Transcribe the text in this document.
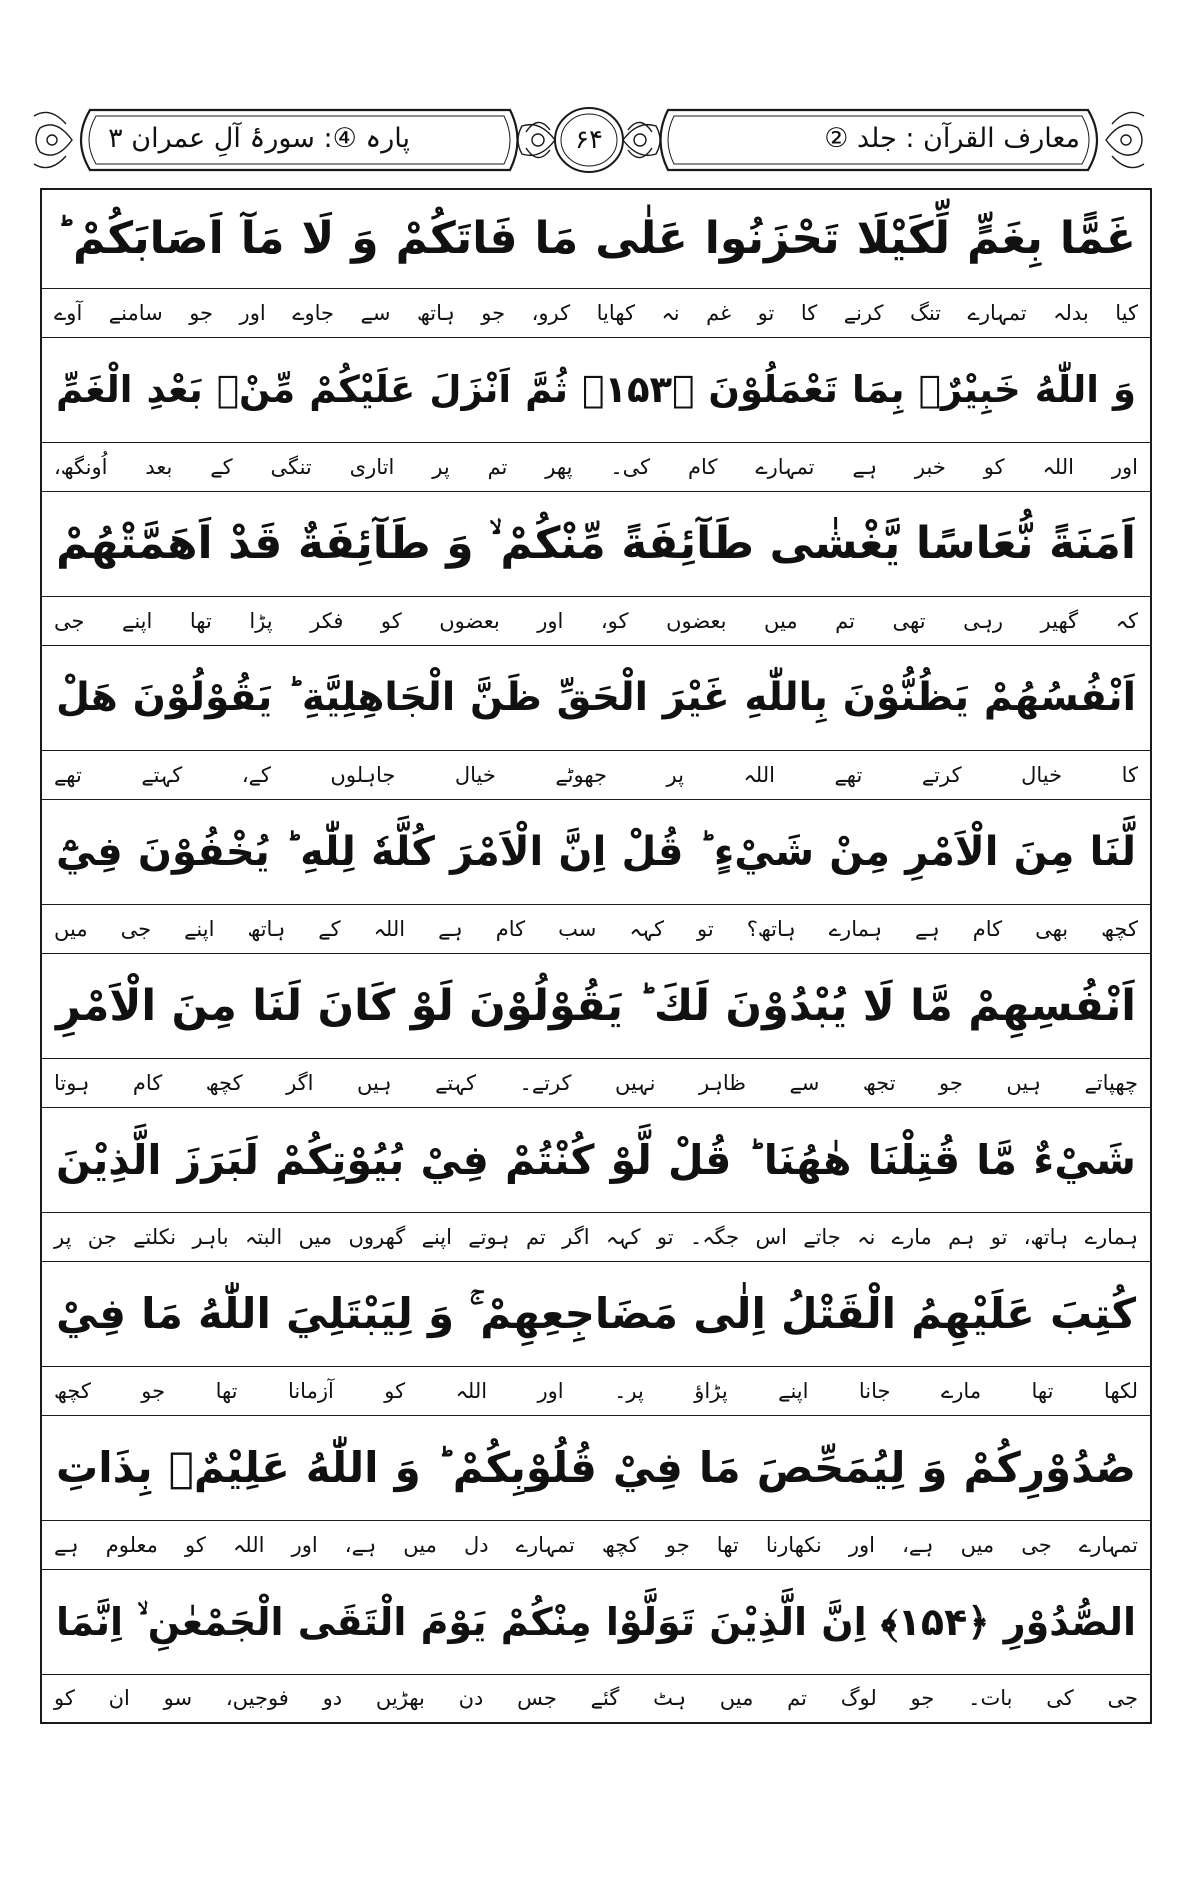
معارف القرآن : جلد ②
۶۴
پارہ ④: سورۂ آلِ عمران ۳
غَمًّا بِغَمٍّ لِّكَيْلَا تَحْزَنُوا عَلٰى مَا فَاتَكُمْ وَ لَا مَآ اَصَابَكُمْ ؕ
کیا بدلہ تمہارے تنگ کرنے کا تو غم نہ کھایا کرو، جو ہاتھ سے جاوے اور جو سامنے آوے
وَ اللّٰهُ خَبِيْرٌۢ بِمَا تَعْمَلُوْنَ ﴿۱۵۳﴾ ثُمَّ اَنْزَلَ عَلَيْكُمْ مِّنْۢ بَعْدِ الْغَمِّ
اور اللہ کو خبر ہے تمہارے کام کی۔ پھر تم پر اتاری تنگی کے بعد اُونگھ،
اَمَنَةً نُّعَاسًا يَّغْشٰى طَآئِفَةً مِّنْكُمْ ۙ وَ طَآئِفَةٌ قَدْ اَهَمَّتْهُمْ
کہ گھیر رہی تھی تم میں بعضوں کو، اور بعضوں کو فکر پڑا تھا اپنے جی
اَنْفُسُهُمْ يَظُنُّوْنَ بِاللّٰهِ غَيْرَ الْحَقِّ ظَنَّ الْجَاهِلِيَّةِ ؕ يَقُوْلُوْنَ هَلْ
کا خیال کرتے تھے اللہ پر جھوٹے خیال جاہلوں کے، کہتے تھے
لَّنَا مِنَ الْاَمْرِ مِنْ شَيْءٍ ؕ قُلْ اِنَّ الْاَمْرَ كُلَّهٗ لِلّٰهِ ؕ يُخْفُوْنَ فِيْٓ
کچھ بھی کام ہے ہمارے ہاتھ؟ تو کہہ سب کام ہے اللہ کے ہاتھ اپنے جی میں
اَنْفُسِهِمْ مَّا لَا يُبْدُوْنَ لَكَ ؕ يَقُوْلُوْنَ لَوْ كَانَ لَنَا مِنَ الْاَمْرِ
چھپاتے ہیں جو تجھ سے ظاہر نہیں کرتے۔ کہتے ہیں اگر کچھ کام ہوتا
شَيْءٌ مَّا قُتِلْنَا هٰهُنَا ؕ قُلْ لَّوْ كُنْتُمْ فِيْ بُيُوْتِكُمْ لَبَرَزَ الَّذِيْنَ
ہمارے ہاتھ، تو ہم مارے نہ جاتے اس جگہ۔ تو کہہ اگر تم ہوتے اپنے گھروں میں البتہ باہر نکلتے جن پر
كُتِبَ عَلَيْهِمُ الْقَتْلُ اِلٰى مَضَاجِعِهِمْ ۚ وَ لِيَبْتَلِيَ اللّٰهُ مَا فِيْ
لکھا تھا مارے جانا اپنے پڑاؤ پر۔ اور اللہ کو آزمانا تھا جو کچھ
صُدُوْرِكُمْ وَ لِيُمَحِّصَ مَا فِيْ قُلُوْبِكُمْ ؕ وَ اللّٰهُ عَلِيْمٌۢ بِذَاتِ
تمہارے جی میں ہے، اور نکھارنا تھا جو کچھ تمہارے دل میں ہے، اور اللہ کو معلوم ہے
الصُّدُوْرِ ﴿۱۵۴﴾ اِنَّ الَّذِيْنَ تَوَلَّوْا مِنْكُمْ يَوْمَ الْتَقَى الْجَمْعٰنِ ۙ اِنَّمَا
جی کی بات۔ جو لوگ تم میں ہٹ گئے جس دن بھڑیں دو فوجیں، سو ان کو
